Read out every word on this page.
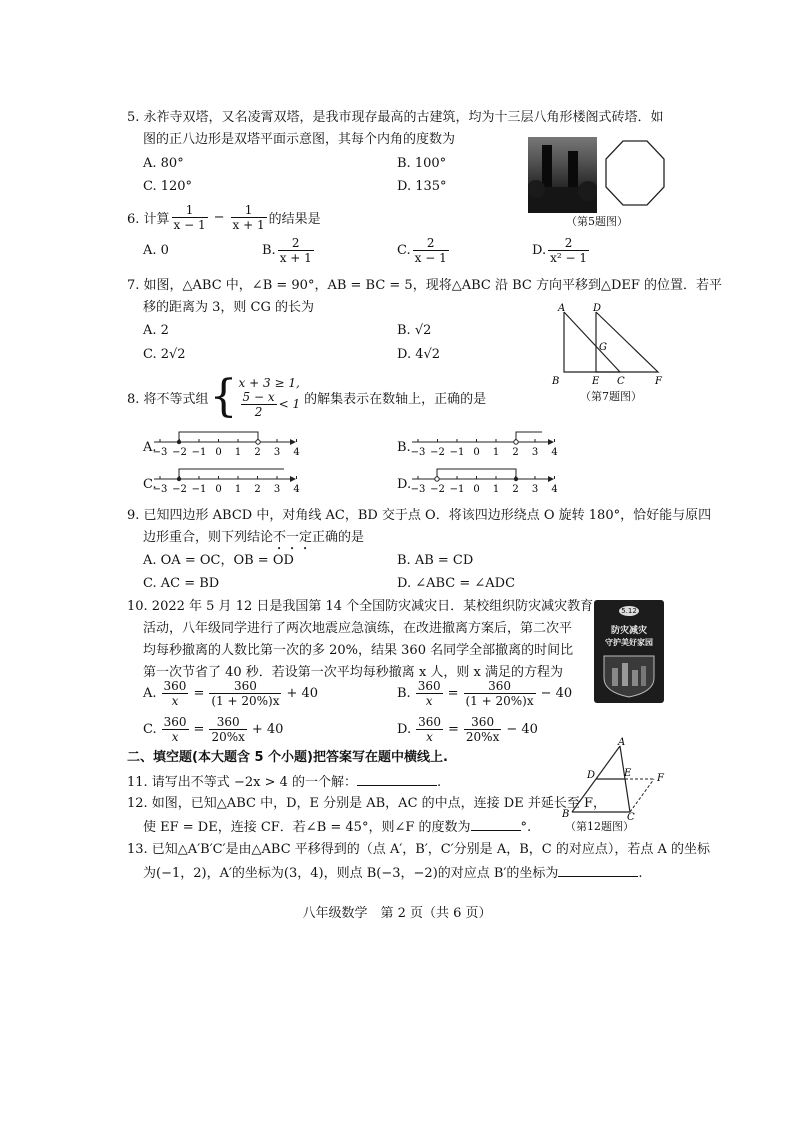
5. 永祚寺双塔，又名凌霄双塔，是我市现存最高的古建筑，均为十三层八角形楼阁式砖塔．如
图的正八边形是双塔平面示意图，其每个内角的度数为
A. 80°	B. 100°
C. 120°	D. 135°
（第5题图）
6. 计算 $\frac{1}{x - 1} - \frac{1}{x + 1}$ 的结果是
A. 0	B. $\frac{2}{x + 1}$	C. $\frac{2}{x - 1}$	D. $\frac{2}{\text{x² − 1}}$
7. 如图，△ABC 中，∠B = 90°，AB = BC = 5，现将△ABC 沿 BC 方向平移到△DEF 的位置．若平
移的距离为 3，则 CG 的长为
A. 2	B. √2
C. 2√2	D. 4√2
A	D
G
B	E C	F
（第7题图）
8. 将不等式组 { x + 3 ≥ 1,
$\frac{5 - x}{2} < 1$ 的解集表示在数轴上，正确的是
A.
−3 −2 −1 0 1 2 3 4	B. −3 −2 −1 0 1 2 3 4
C.
−3 −2 −1 0 1 2 3 4	D. −3 −2 −1 0 1 2 3 4
9. 已知四边形 ABCD 中，对角线 AC，BD 交于点 O．将该四边形绕点 O 旋转 180°，恰好能与原四
边形重合，则下列结论不一定正确的是
A. OA = OC，OB = OD	B. AB = CD
C. AC = BD	D. ∠ABC = ∠ADC
10. 2022 年 5 月 12 日是我国第 14 个全国防灾减灾日．某校组织防灾减灾教育
活动，八年级同学进行了两次地震应急演练，在改进撤离方案后，第二次平
均每秒撤离的人数比第一次的多 20%，结果 360 名同学全部撤离的时间比
第一次节省了 40 秒．若设第一次平均每秒撤离 x 人，则 x 满足的方程为
5.12
防灾减灾
守护美好家园
A. $\frac{360}{x} = \frac{360}{(1 + 20\%)x} + 40$	B. $\frac{360}{x} = \frac{360}{(1 + 20\%)x} - 40$
C. $\frac{360}{x} = \frac{360}{20\%x} + 40$	D. $\frac{360}{x} = \frac{360}{20\%x} - 40$
二、填空题(本大题含 5 个小题)把答案写在题中横线上.
11. 请写出不等式 −2x > 4 的一个解：	.
12. 如图，已知△ABC 中，D，E 分别是 AB，AC 的中点，连接 DE 并延长至 F，
使 EF = DE，连接 CF．若∠B = 45°，则∠F 的度数为	°.
A
D	E	F
B	C
（第12题图）
13. 已知△A′B′C′是由△ABC 平移得到的（点 A′，B′，C′分别是 A，B，C 的对应点），若点 A 的坐标
为(−1，2)，A′的坐标为(3，4)，则点 B(−3，−2)的对应点 B′的坐标为	.
八年级数学　第 2 页（共 6 页）
